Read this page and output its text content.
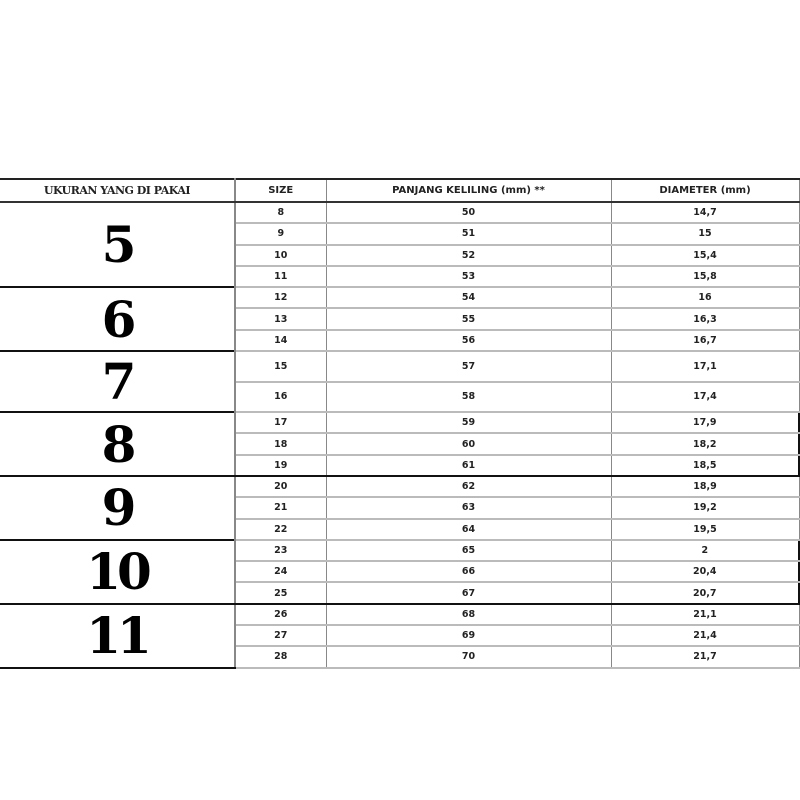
UKURAN YANG DI PAKAI	SIZE	PANJANG KELILING (mm) **	DIAMETER (mm)
5	8	50	14,7
	9	51	15
	10	52	15,4
	11	53	15,8
6	12	54	16
	13	55	16,3
	14	56	16,7
7	15	57	17,1
	16	58	17,4
8	17	59	17,9
	18	60	18,2
	19	61	18,5
9	20	62	18,9
	21	63	19,2
	22	64	19,5
10	23	65	2
	24	66	20,4
	25	67	20,7
11	26	68	21,1
	27	69	21,4
	28	70	21,7
